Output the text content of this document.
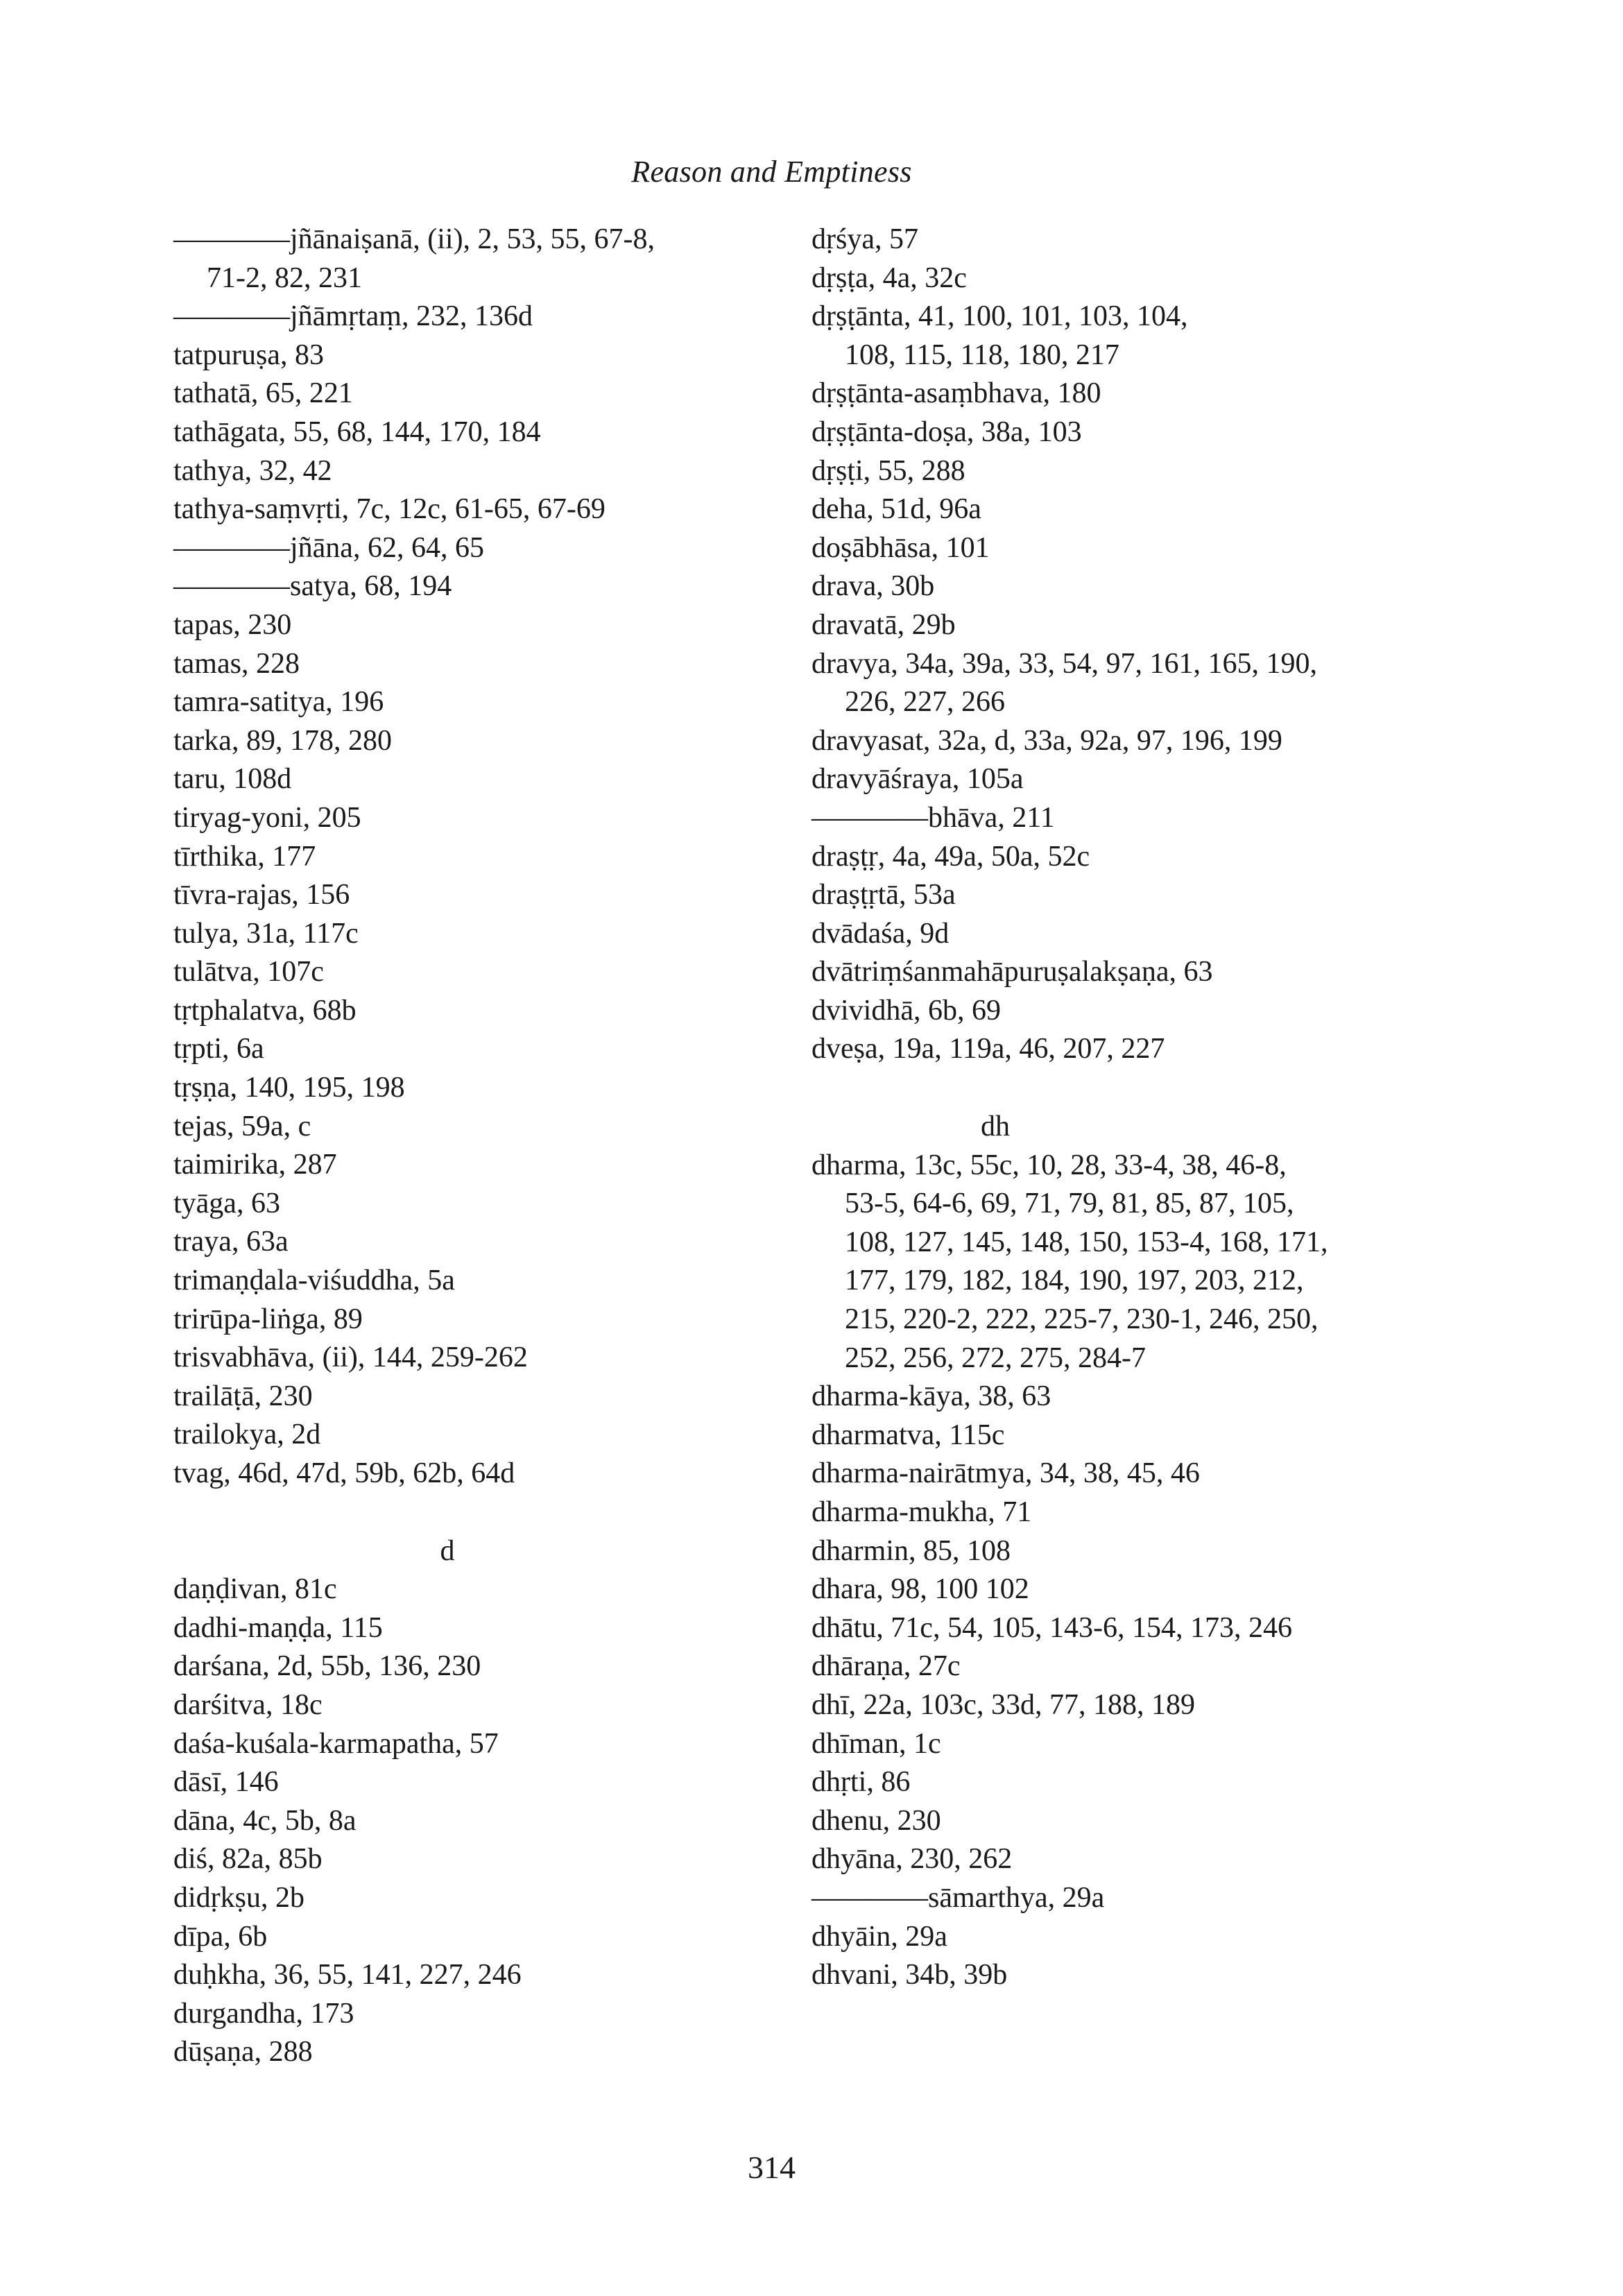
Reason and Emptiness
————jñānaiṣanā, (ii), 2, 53, 55, 67-8,
71-2, 82, 231
————jñāmṛtaṃ, 232, 136d
tatpuruṣa, 83
tathatā, 65, 221
tathāgata, 55, 68, 144, 170, 184
tathya, 32, 42
tathya-saṃvṛti, 7c, 12c, 61-65, 67-69
————jñāna, 62, 64, 65
————satya, 68, 194
tapas, 230
tamas, 228
tamra-satitya, 196
tarka, 89, 178, 280
taru, 108d
tiryag-yoni, 205
tīrthika, 177
tīvra-rajas, 156
tulya, 31a, 117c
tulātva, 107c
tṛtphalatva, 68b
tṛpti, 6a
tṛṣṇa, 140, 195, 198
tejas, 59a, c
taimirika, 287
tyāga, 63
traya, 63a
trimaṇḍala-viśuddha, 5a
trirūpa-liṅga, 89
trisvabhāva, (ii), 144, 259-262
trailāṭā, 230
trailokya, 2d
tvag, 46d, 47d, 59b, 62b, 64d
d
daṇḍivan, 81c
dadhi-maṇḍa, 115
darśana, 2d, 55b, 136, 230
darśitva, 18c
daśa-kuśala-karmapatha, 57
dāsī, 146
dāna, 4c, 5b, 8a
diś, 82a, 85b
didṛkṣu, 2b
dīpa, 6b
duḥkha, 36, 55, 141, 227, 246
durgandha, 173
dūṣaṇa, 288
dṛśya, 57
dṛṣṭa, 4a, 32c
dṛṣṭānta, 41, 100, 101, 103, 104,
108, 115, 118, 180, 217
dṛṣṭānta-asaṃbhava, 180
dṛṣṭānta-doṣa, 38a, 103
dṛṣṭi, 55, 288
deha, 51d, 96a
doṣābhāsa, 101
drava, 30b
dravatā, 29b
dravya, 34a, 39a, 33, 54, 97, 161, 165, 190,
226, 227, 266
dravyasat, 32a, d, 33a, 92a, 97, 196, 199
dravyāśraya, 105a
————bhāva, 211
draṣṭṛ, 4a, 49a, 50a, 52c
draṣṭṛtā, 53a
dvādaśa, 9d
dvātriṃśanmahāpuruṣalakṣaṇa, 63
dvividhā, 6b, 69
dveṣa, 19a, 119a, 46, 207, 227
dh
dharma, 13c, 55c, 10, 28, 33-4, 38, 46-8,
53-5, 64-6, 69, 71, 79, 81, 85, 87, 105,
108, 127, 145, 148, 150, 153-4, 168, 171,
177, 179, 182, 184, 190, 197, 203, 212,
215, 220-2, 222, 225-7, 230-1, 246, 250,
252, 256, 272, 275, 284-7
dharma-kāya, 38, 63
dharmatva, 115c
dharma-nairātmya, 34, 38, 45, 46
dharma-mukha, 71
dharmin, 85, 108
dhara, 98, 100 102
dhātu, 71c, 54, 105, 143-6, 154, 173, 246
dhāraṇa, 27c
dhī, 22a, 103c, 33d, 77, 188, 189
dhīman, 1c
dhṛti, 86
dhenu, 230
dhyāna, 230, 262
————sāmarthya, 29a
dhyāin, 29a
dhvani, 34b, 39b
314
